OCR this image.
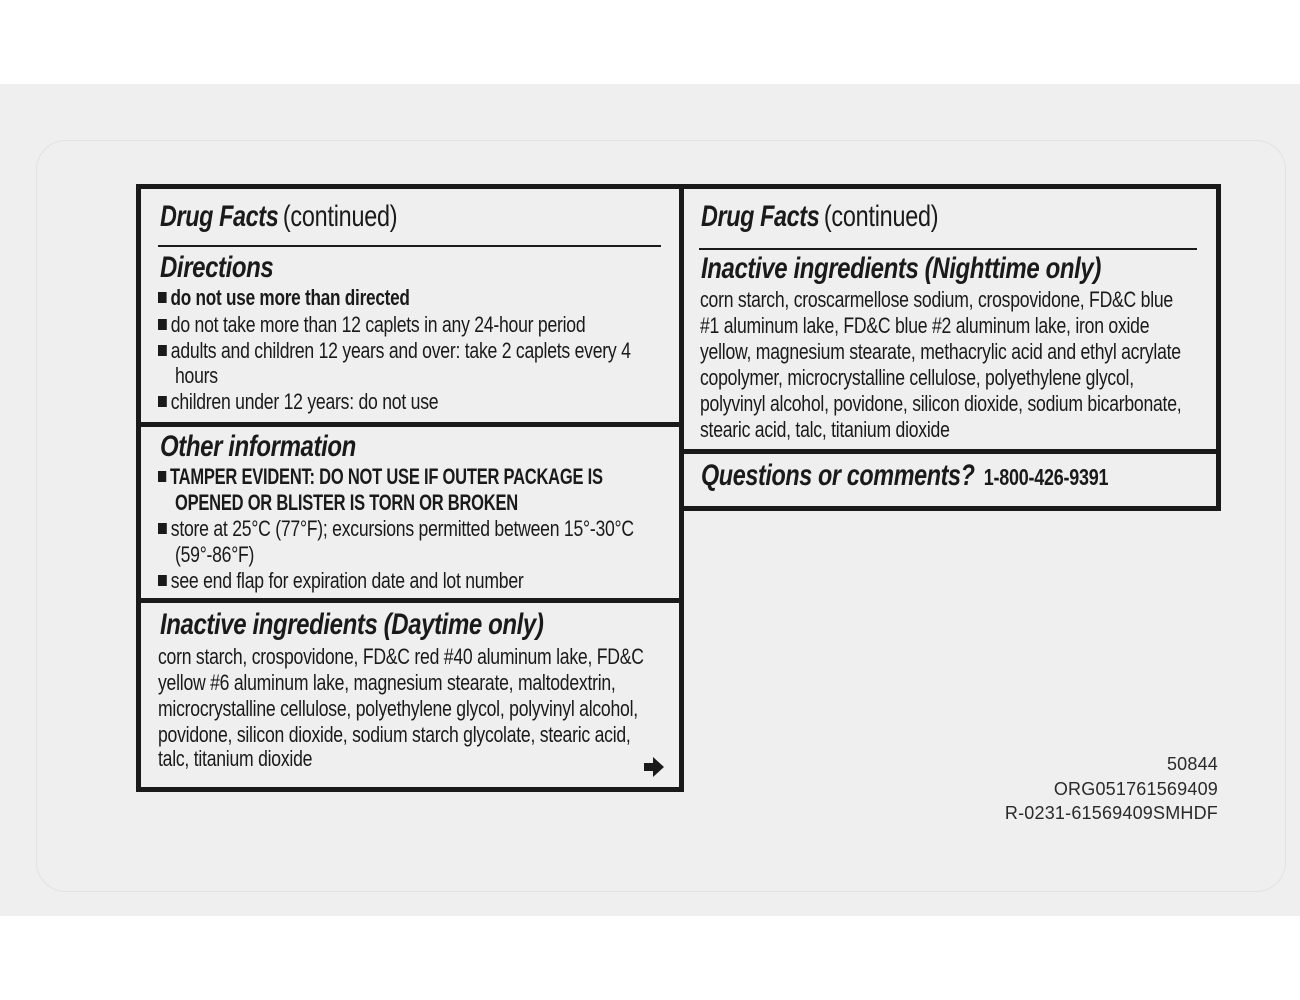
Drug Facts (continued)
Directions
do not use more than directed
do not take more than 12 caplets in any 24-hour period
adults and children 12 years and over: take 2 caplets every 4
hours
children under 12 years: do not use
Other information
TAMPER EVIDENT: DO NOT USE IF OUTER PACKAGE IS
OPENED OR BLISTER IS TORN OR BROKEN
store at 25°C (77°F); excursions permitted between 15°-30°C
(59°-86°F)
see end flap for expiration date and lot number
Inactive ingredients (Daytime only)
corn starch, crospovidone, FD&C red #40 aluminum lake, FD&C
yellow #6 aluminum lake, magnesium stearate, maltodextrin,
microcrystalline cellulose, polyethylene glycol, polyvinyl alcohol,
povidone, silicon dioxide, sodium starch glycolate, stearic acid,
talc, titanium dioxide
Drug Facts (continued)
Inactive ingredients (Nighttime only)
corn starch, croscarmellose sodium, crospovidone, FD&C blue
#1 aluminum lake, FD&C blue #2 aluminum lake, iron oxide
yellow, magnesium stearate, methacrylic acid and ethyl acrylate
copolymer, microcrystalline cellulose, polyethylene glycol,
polyvinyl alcohol, povidone, silicon dioxide, sodium bicarbonate,
stearic acid, talc, titanium dioxide
Questions or comments? 1-800-426-9391
50844
ORG051761569409
R-0231-61569409SMHDF
